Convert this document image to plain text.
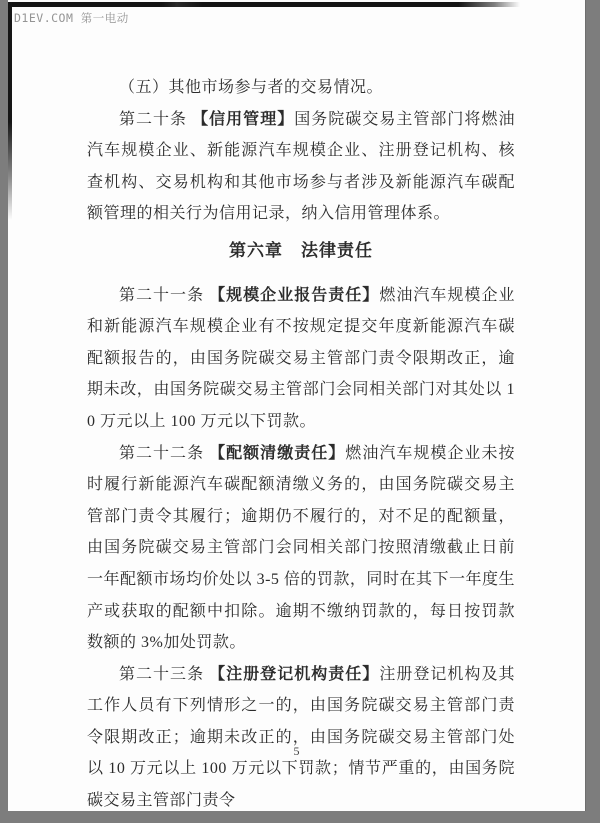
D1EV.COM 第一电动

（五）其他市场参与者的交易情况。

第二十条 【信用管理】国务院碳交易主管部门将燃油汽车规模企业、新能源汽车规模企业、注册登记机构、核查机构、交易机构和其他市场参与者涉及新能源汽车碳配额管理的相关行为信用记录，纳入信用管理体系。

第六章　法律责任

第二十一条 【规模企业报告责任】燃油汽车规模企业和新能源汽车规模企业有不按规定提交年度新能源汽车碳配额报告的，由国务院碳交易主管部门责令限期改正，逾期未改，由国务院碳交易主管部门会同相关部门对其处以 10 万元以上 100 万元以下罚款。

第二十二条 【配额清缴责任】燃油汽车规模企业未按时履行新能源汽车碳配额清缴义务的，由国务院碳交易主管部门责令其履行；逾期仍不履行的，对不足的配额量，由国务院碳交易主管部门会同相关部门按照清缴截止日前一年配额市场均价处以 3-5 倍的罚款，同时在其下一年度生产或获取的配额中扣除。逾期不缴纳罚款的，每日按罚款数额的 3%加处罚款。

第二十三条 【注册登记机构责任】注册登记机构及其工作人员有下列情形之一的，由国务院碳交易主管部门责令限期改正；逾期未改正的，由国务院碳交易主管部门处以 10 万元以上 100 万元以下罚款；情节严重的，由国务院碳交易主管部门责令

5
